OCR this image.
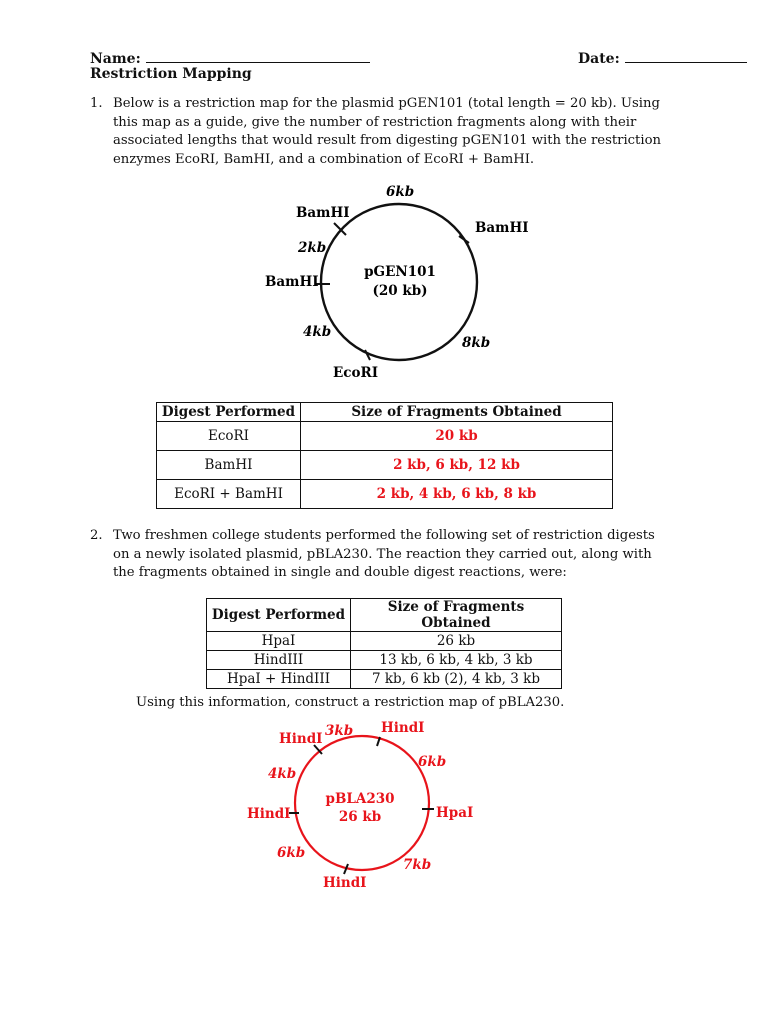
Name:	Date:
Restriction Mapping
1. Below is a restriction map for the plasmid pGEN101 (total length = 20 kb). Using this map as a guide, give the number of restriction fragments along with their associated lengths that would result from digesting pGEN101 with the restriction enzymes EcoRI, BamHI, and a combination of EcoRI + BamHI.
BamHI
BamHI
BamHI
EcoRI
6kb
2kb
4kb
8kb
pGEN101
(20 kb)
HindI
HindI
HpaI
HindI
HindI
3kb
6kb
7kb
6kb
4kb
pBLA230
26 kb
Digest Performed	Size of Fragments Obtained
EcoRI	20 kb
BamHI	2 kb, 6 kb, 12 kb
EcoRI + BamHI	2 kb, 4 kb, 6 kb, 8 kb
2. Two freshmen college students performed the following set of restriction digests on a newly isolated plasmid, pBLA230. The reaction they carried out, along with the fragments obtained in single and double digest reactions, were:
Digest Performed	Size of Fragments Obtained
HpaI	26 kb
HindIII	13 kb, 6 kb, 4 kb, 3 kb
HpaI + HindIII	7 kb, 6 kb (2), 4 kb, 3 kb
Using this information, construct a restriction map of pBLA230.
